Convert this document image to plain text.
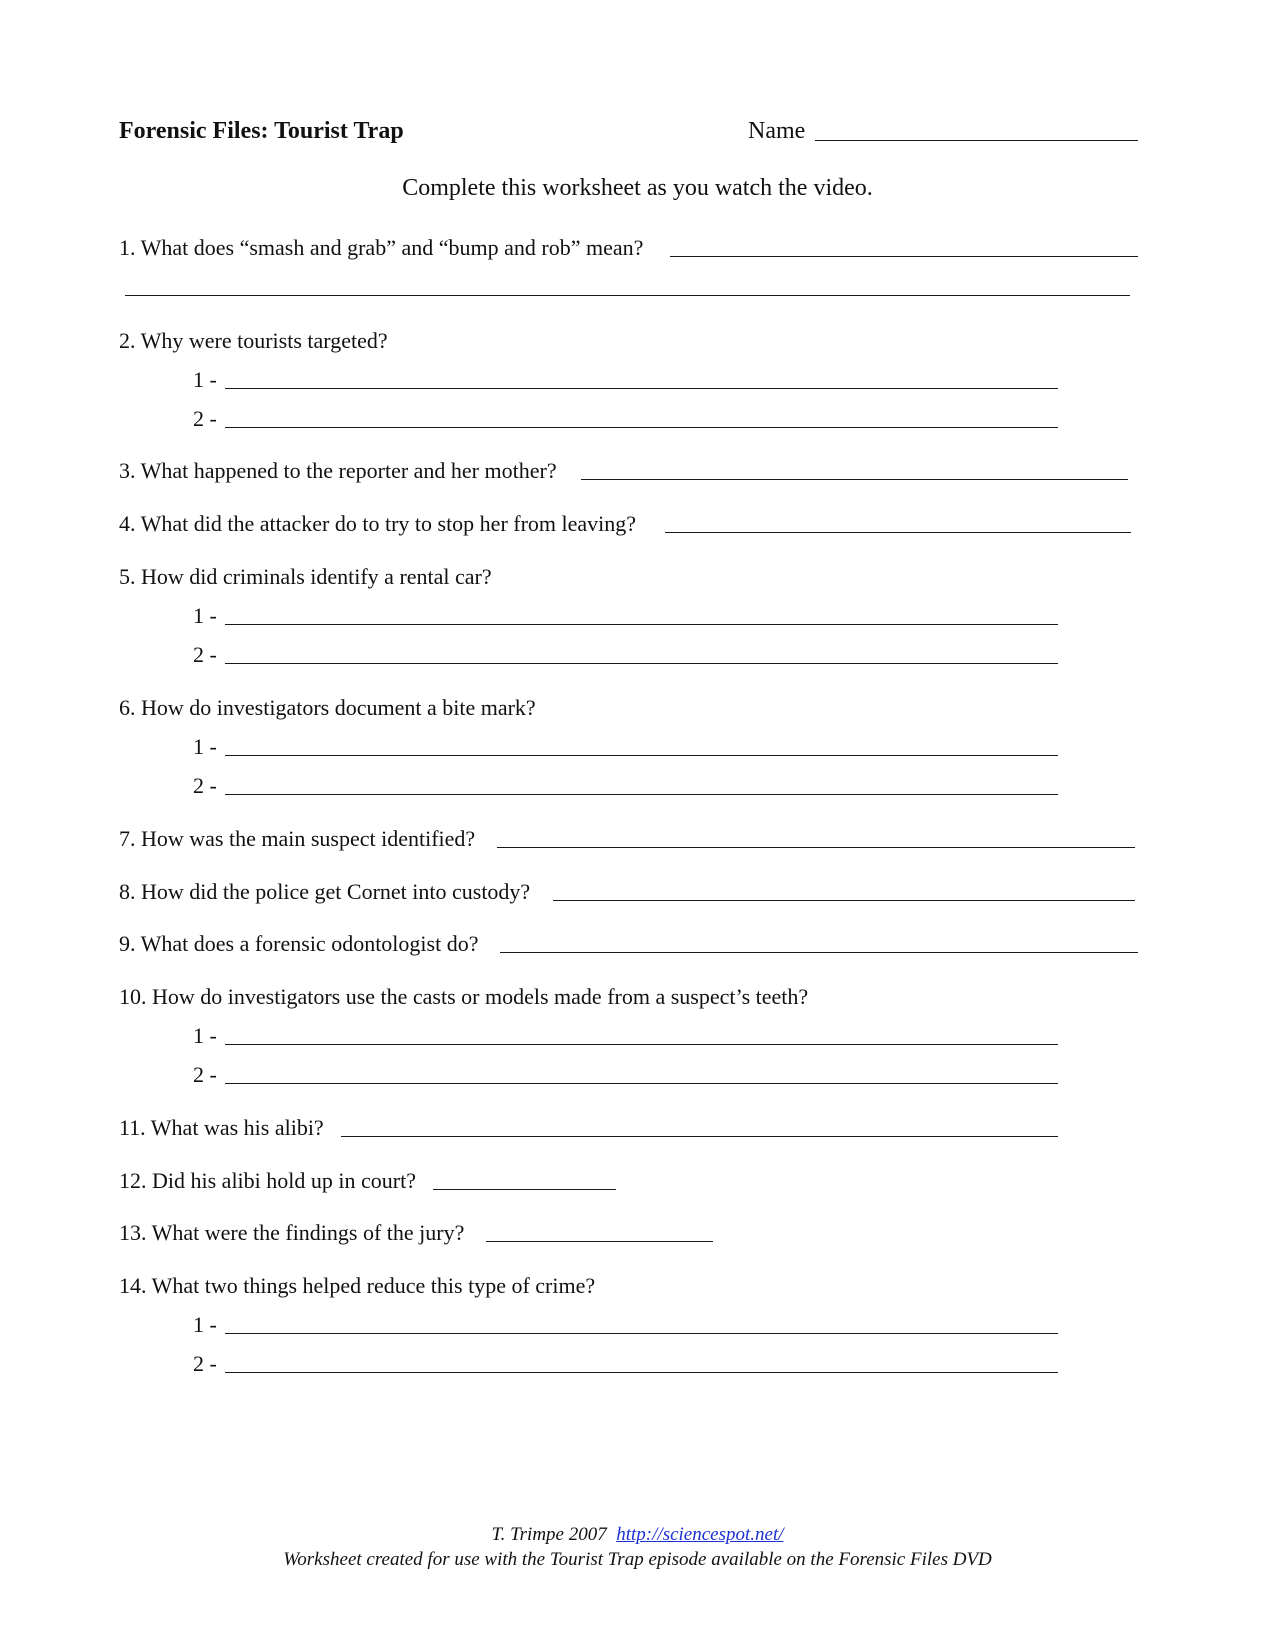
Forensic Files: Tourist Trap	Name
Complete this worksheet as you watch the video.
1. What does “smash and grab” and “bump and rob” mean?
2. Why were tourists targeted?
1 -
2 -
3. What happened to the reporter and her mother?
4. What did the attacker do to try to stop her from leaving?
5. How did criminals identify a rental car?
1 -
2 -
6. How do investigators document a bite mark?
1 -
2 -
7. How was the main suspect identified?
8. How did the police get Cornet into custody?
9. What does a forensic odontologist do?
10. How do investigators use the casts or models made from a suspect’s teeth?
1 -
2 -
11. What was his alibi?
12. Did his alibi hold up in court?
13. What were the findings of the jury?
14. What two things helped reduce this type of crime?
1 -
2 -
T. Trimpe 2007 http://sciencespot.net/
Worksheet created for use with the Tourist Trap episode available on the Forensic Files DVD
